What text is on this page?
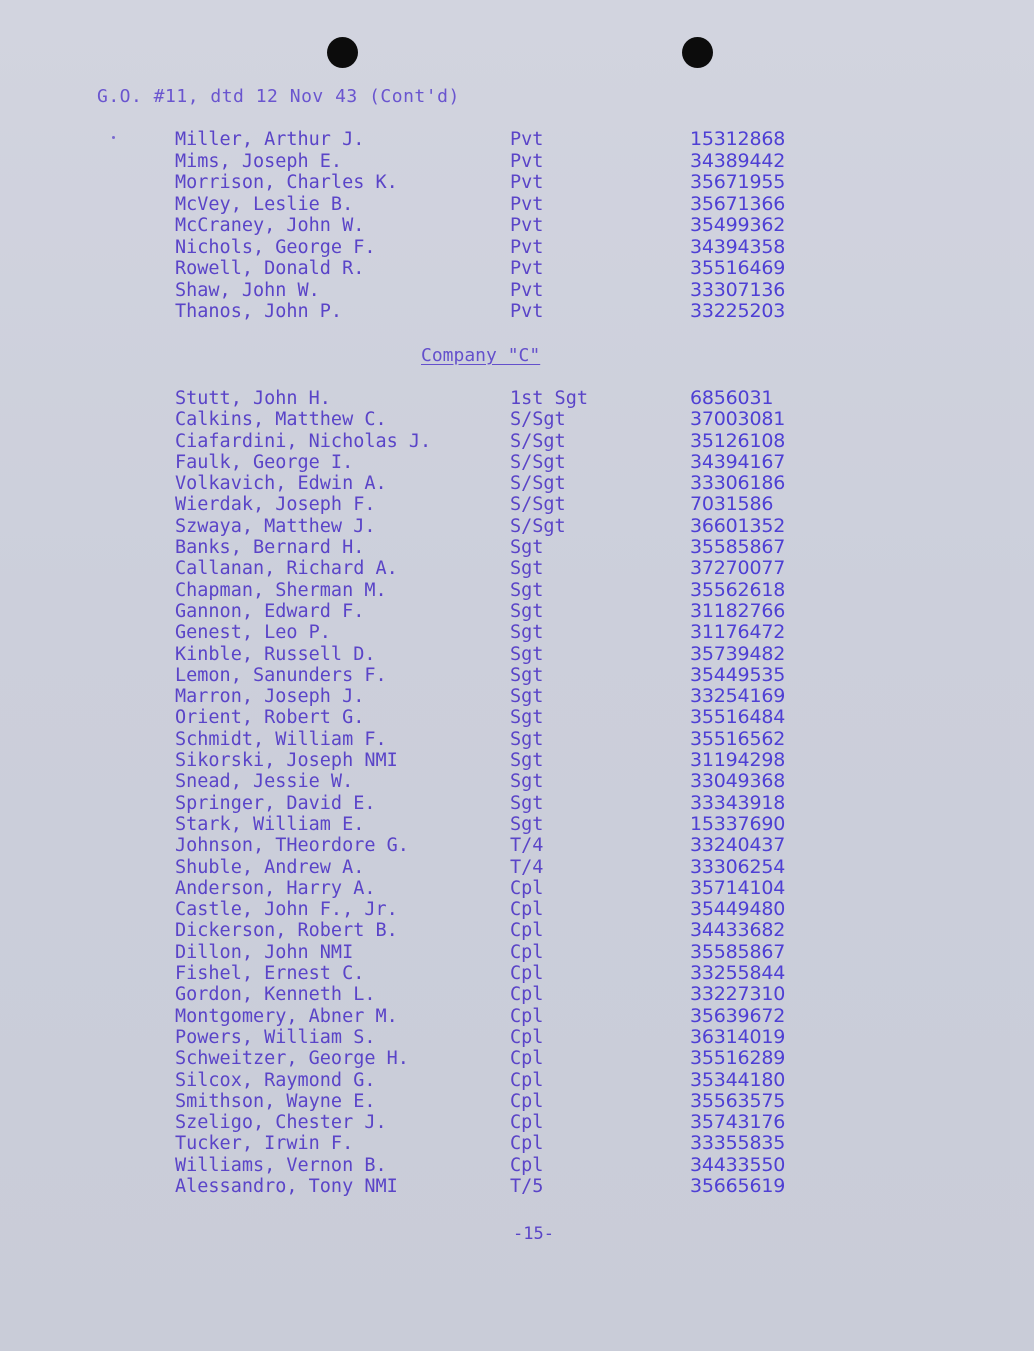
G.O. #11, dtd 12 Nov 43 (Cont'd)
Miller, Arthur J.	Pvt	15312868
Mims, Joseph E.	Pvt	34389442
Morrison, Charles K.	Pvt	35671955
McVey, Leslie B.	Pvt	35671366
McCraney, John W.	Pvt	35499362
Nichols, George F.	Pvt	34394358
Rowell, Donald R.	Pvt	35516469
Shaw, John W.	Pvt	33307136
Thanos, John P.	Pvt	33225203
Company "C"
Stutt, John H.	1st Sgt	6856031
Calkins, Matthew C.	S/Sgt	37003081
Ciafardini, Nicholas J.	S/Sgt	35126108
Faulk, George I.	S/Sgt	34394167
Volkavich, Edwin A.	S/Sgt	33306186
Wierdak, Joseph F.	S/Sgt	7031586
Szwaya, Matthew J.	S/Sgt	36601352
Banks, Bernard H.	Sgt	35585867
Callanan, Richard A.	Sgt	37270077
Chapman, Sherman M.	Sgt	35562618
Gannon, Edward F.	Sgt	31182766
Genest, Leo P.	Sgt	31176472
Kinble, Russell D.	Sgt	35739482
Lemon, Sanunders F.	Sgt	35449535
Marron, Joseph J.	Sgt	33254169
Orient, Robert G.	Sgt	35516484
Schmidt, William F.	Sgt	35516562
Sikorski, Joseph NMI	Sgt	31194298
Snead, Jessie W.	Sgt	33049368
Springer, David E.	Sgt	33343918
Stark, William E.	Sgt	15337690
Johnson, THeordore G.	T/4	33240437
Shuble, Andrew A.	T/4	33306254
Anderson, Harry A.	Cpl	35714104
Castle, John F., Jr.	Cpl	35449480
Dickerson, Robert B.	Cpl	34433682
Dillon, John NMI	Cpl	35585867
Fishel, Ernest C.	Cpl	33255844
Gordon, Kenneth L.	Cpl	33227310
Montgomery, Abner M.	Cpl	35639672
Powers, William S.	Cpl	36314019
Schweitzer, George H.	Cpl	35516289
Silcox, Raymond G.	Cpl	35344180
Smithson, Wayne E.	Cpl	35563575
Szeligo, Chester J.	Cpl	35743176
Tucker, Irwin F.	Cpl	33355835
Williams, Vernon B.	Cpl	34433550
Alessandro, Tony NMI	T/5	35665619
-15-
